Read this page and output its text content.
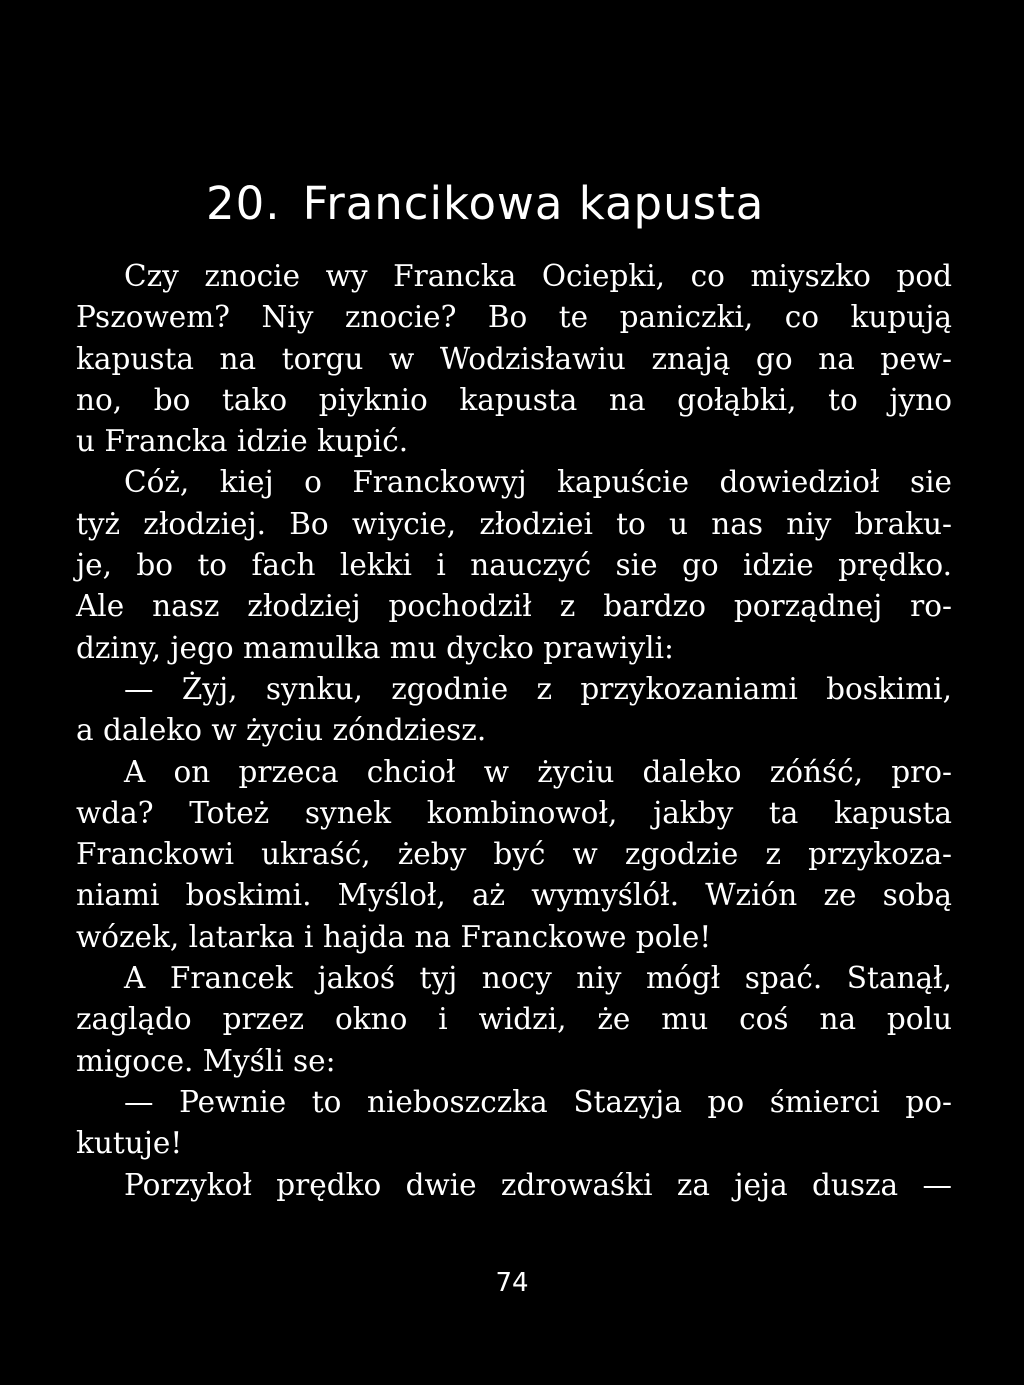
20. Francikowa kapusta
Czy znocie wy Francka Ociepki, co miyszko pod
Pszowem? Niy znocie? Bo te paniczki, co kupują
kapusta na torgu w Wodzisławiu znają go na pew-
no, bo tako piyknio kapusta na gołąbki, to jyno
u Francka idzie kupić.
Cóż, kiej o Franckowyj kapuście dowiedzioł sie
tyż złodziej. Bo wiycie, złodziei to u nas niy braku-
je, bo to fach lekki i nauczyć sie go idzie prędko.
Ale nasz złodziej pochodził z bardzo porządnej ro-
dziny, jego mamulka mu dycko prawiyli:
— Żyj, synku, zgodnie z przykozaniami boskimi,
a daleko w życiu zóndziesz.
A on przeca chcioł w życiu daleko zóńść, pro-
wda? Toteż synek kombinowoł, jakby ta kapusta
Franckowi ukraść, żeby być w zgodzie z przykoza-
niami boskimi. Myśloł, aż wymyślół. Wzión ze sobą
wózek, latarka i hajda na Franckowe pole!
A Francek jakoś tyj nocy niy mógł spać. Stanął,
zaglądo przez okno i widzi, że mu coś na polu
migoce. Myśli se:
— Pewnie to nieboszczka Stazyja po śmierci po-
kutuje!
Porzykoł prędko dwie zdrowaśki za jeja dusza —
74
